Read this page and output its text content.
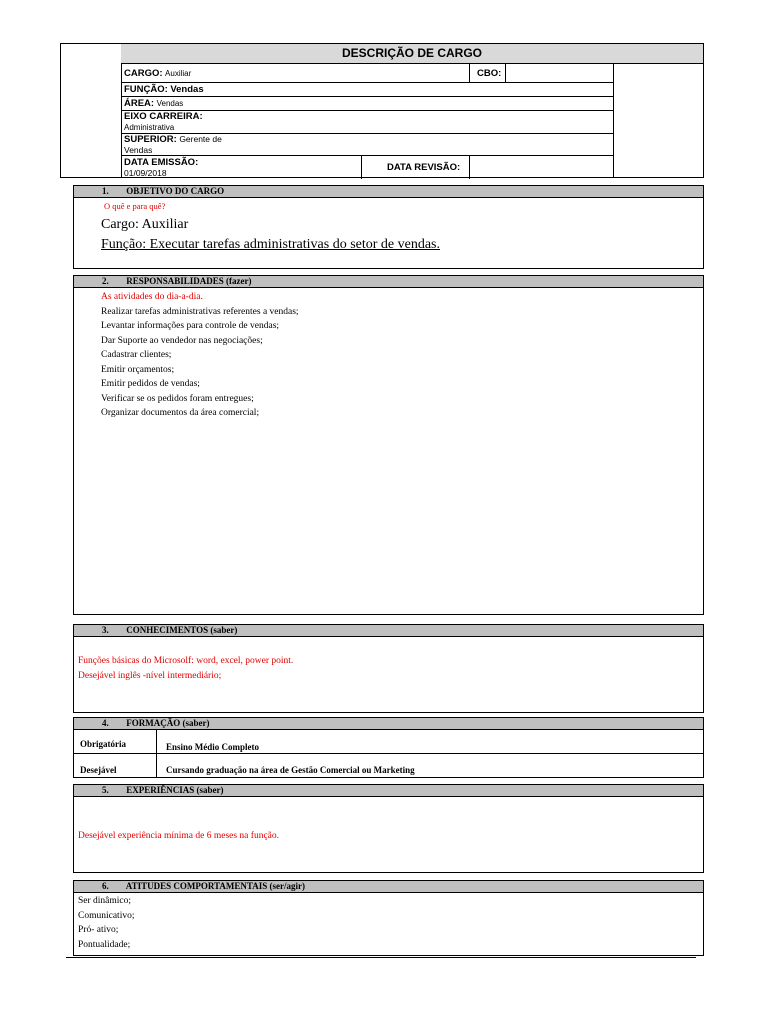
DESCRIÇÃO DE CARGO
CARGO: Auxiliar	CBO:
FUNÇÃO: Vendas
ÁREA: Vendas
EIXO CARREIRA:
Administrativa
SUPERIOR: Gerente de
Vendas
DATA EMISSÃO:
01/09/2018	DATA REVISÃO:
1. OBJETIVO DO CARGO
O quê e para quê?
Cargo: Auxiliar
Função: Executar tarefas administrativas do setor de vendas.
2. RESPONSABILIDADES (fazer)
As atividades do dia-a-dia.
Realizar tarefas administrativas referentes a vendas;
Levantar informações para controle de vendas;
Dar Suporte ao vendedor nas negociações;
Cadastrar clientes;
Emitir orçamentos;
Emitir pedidos de vendas;
Verificar se os pedidos foram entregues;
Organizar documentos da área comercial;
3. CONHECIMENTOS (saber)
Funções básicas do Microsolf: word, excel, power point.
Desejável inglês -nível intermediário;
4. FORMAÇÃO (saber)
Obrigatória	Ensino Médio Completo
Desejável	Cursando graduação na área de Gestão Comercial ou Marketing
5. EXPERIÊNCIAS (saber)
Desejável experiência mínima de 6 meses na função.
6. ATITUDES COMPORTAMENTAIS (ser/agir)
Ser dinâmico;
Comunicativo;
Pró- ativo;
Pontualidade;
